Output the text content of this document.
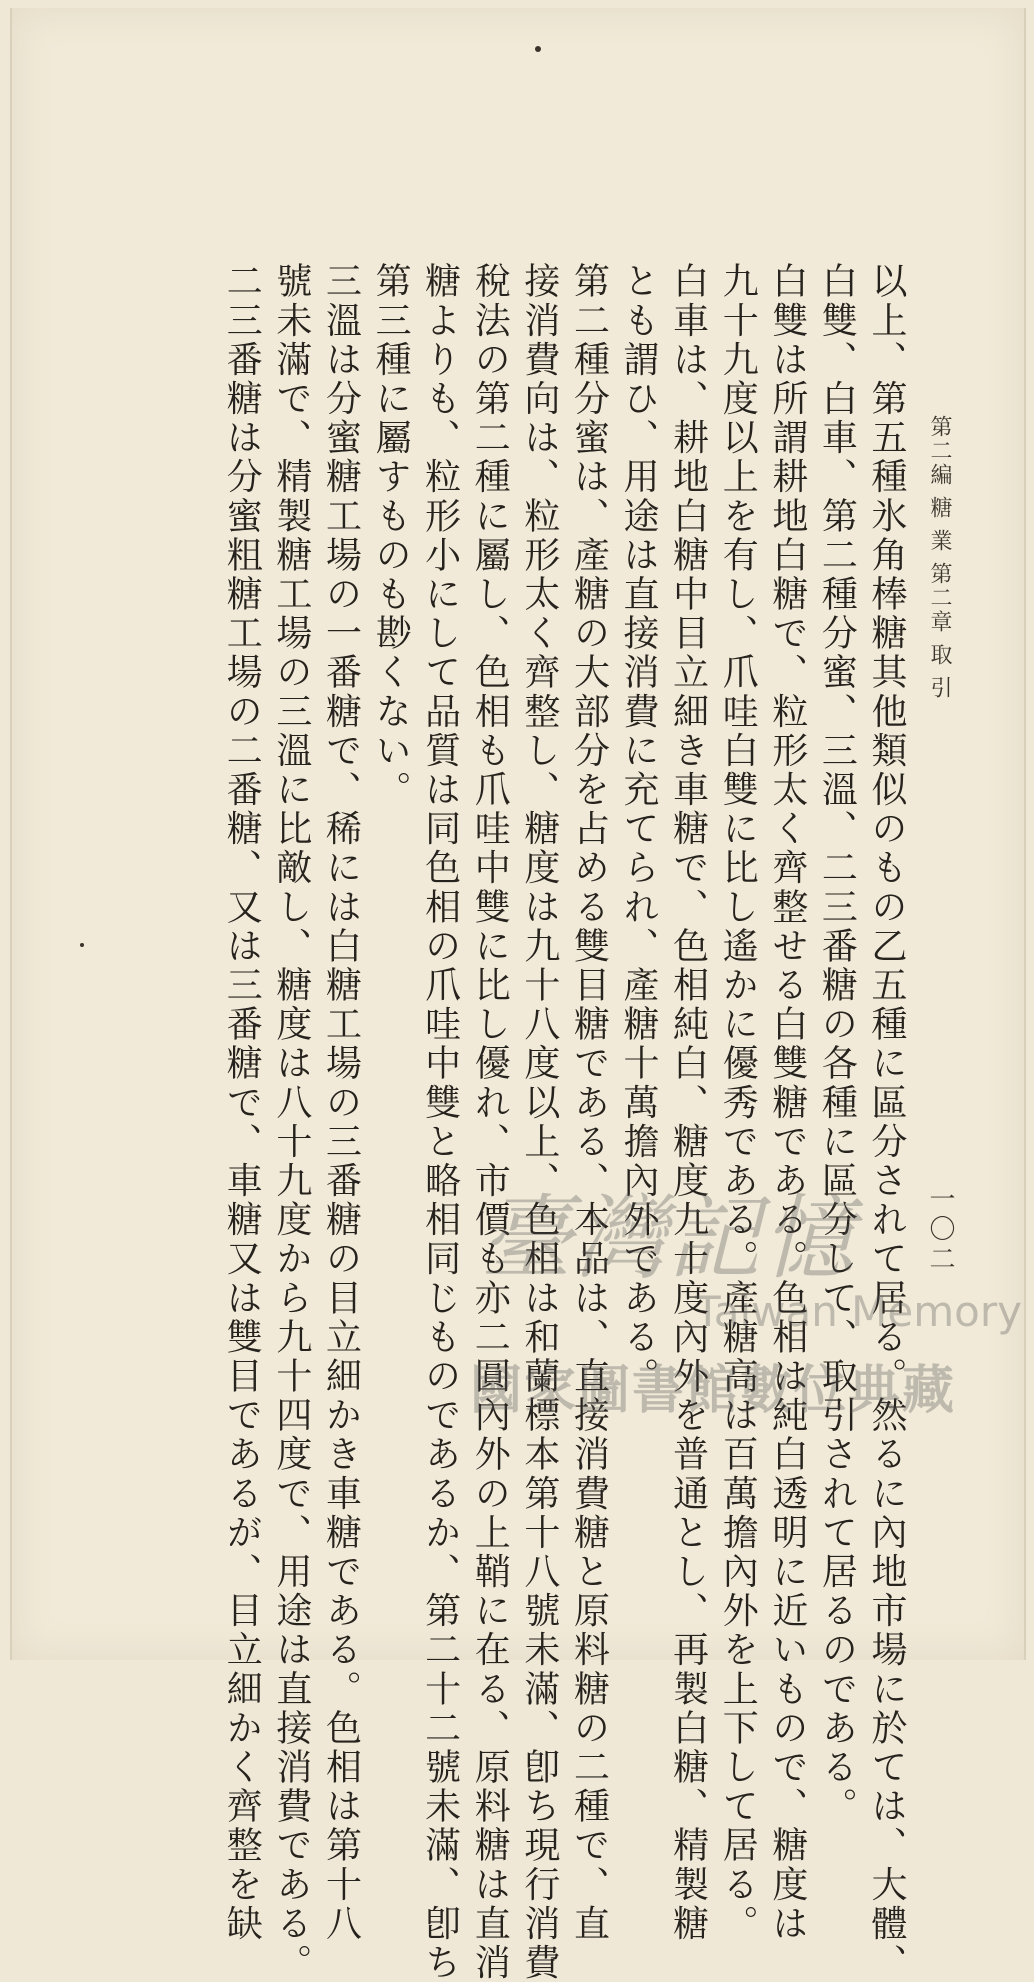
第二編 糖 業 第二章 取 引
一〇二

以上、第五種氷角棒糖其他類似のもの乙五種に區分されて居る。然るに內地市場に於ては、大體、

白雙、白車、第二種分蜜、三溫、二三番糖の各種に區分して、取引されて居るのである。

白雙は所謂耕地白糖で、粒形太く齊整せる白雙糖である。色相は純白透明に近いもので、糖度は

九十九度以上を有し、爪哇白雙に比し遙かに優秀である。產糖高は百萬擔內外を上下して居る。

白車は、耕地白糖中目立細き車糖で、色相純白、糖度九十度內外を普通とし、再製白糖、精製糖

とも謂ひ、用途は直接消費に充てられ、產糖十萬擔內外である。

第二種分蜜は、產糖の大部分を占める雙目糖である、本品は、直接消費糖と原料糖の二種で、直

接消費向は、粒形太く齊整し、糖度は九十八度以上、色相は和蘭標本第十八號未滿、卽ち現行消費

稅法の第二種に屬し、色相も爪哇中雙に比し優れ、市價も亦二圓內外の上鞘に在る、原料糖は直消

糖よりも、粒形小にして品質は同色相の爪哇中雙と略相同じものであるか、第二十二號未滿、卽ち

第三種に屬すものも尠くない。

三溫は分蜜糖工場の一番糖で、稀には白糖工場の三番糖の目立細かき車糖である。色相は第十八

號未滿で、精製糖工場の三溫に比敵し、糖度は八十九度から九十四度で、用途は直接消費である。

二三番糖は分蜜粗糖工場の二番糖、又は三番糖で、車糖又は雙目であるが、目立細かく齊整を缺 臺灣記憶
Taiwan Memory
國家圖書館數位典藏
